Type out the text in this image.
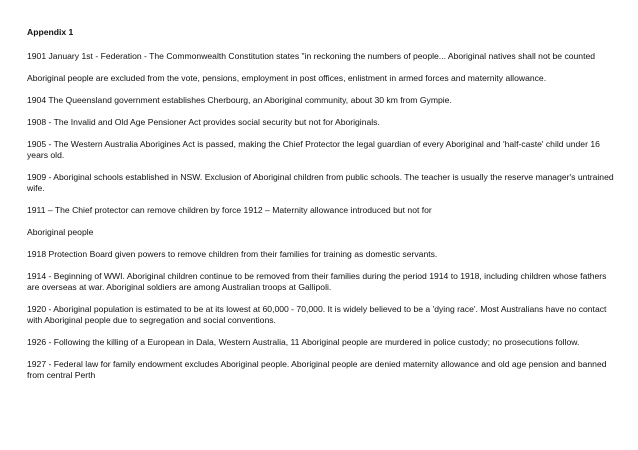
Appendix 1

1901 January 1st - Federation - The Commonwealth Constitution states "in reckoning the numbers of people... Aboriginal natives shall not be counted

Aboriginal people are excluded from the vote, pensions, employment in post offices, enlistment in armed forces and maternity allowance.

1904 The Queensland government establishes Cherbourg, an Aboriginal community, about 30 km from Gympie.

1908 - The Invalid and Old Age Pensioner Act provides social security but not for Aboriginals.

1905 - The Western Australia Aborigines Act is passed, making the Chief Protector the legal guardian of every Aboriginal and 'half-caste' child under 16 years old.

1909 - Aboriginal schools established in NSW. Exclusion of Aboriginal children from public schools. The teacher is usually the reserve manager's untrained wife.

1911 – The Chief protector can remove children by force 1912 – Maternity allowance introduced but not for

Aboriginal people

1918 Protection Board given powers to remove children from their families for training as domestic servants.

1914 - Beginning of WWI. Aboriginal children continue to be removed from their families during the period 1914 to 1918, including children whose fathers are overseas at war. Aboriginal soldiers are among Australian troops at Gallipoli.

1920 - Aboriginal population is estimated to be at its lowest at 60,000 - 70,000. It is widely believed to be a 'dying race'. Most Australians have no contact with Aboriginal people due to segregation and social conventions.

1926 - Following the killing of a European in Dala, Western Australia, 11 Aboriginal people are murdered in police custody; no prosecutions follow.

1927 - Federal law for family endowment excludes Aboriginal people. Aboriginal people are denied maternity allowance and old age pension and banned from central Perth
